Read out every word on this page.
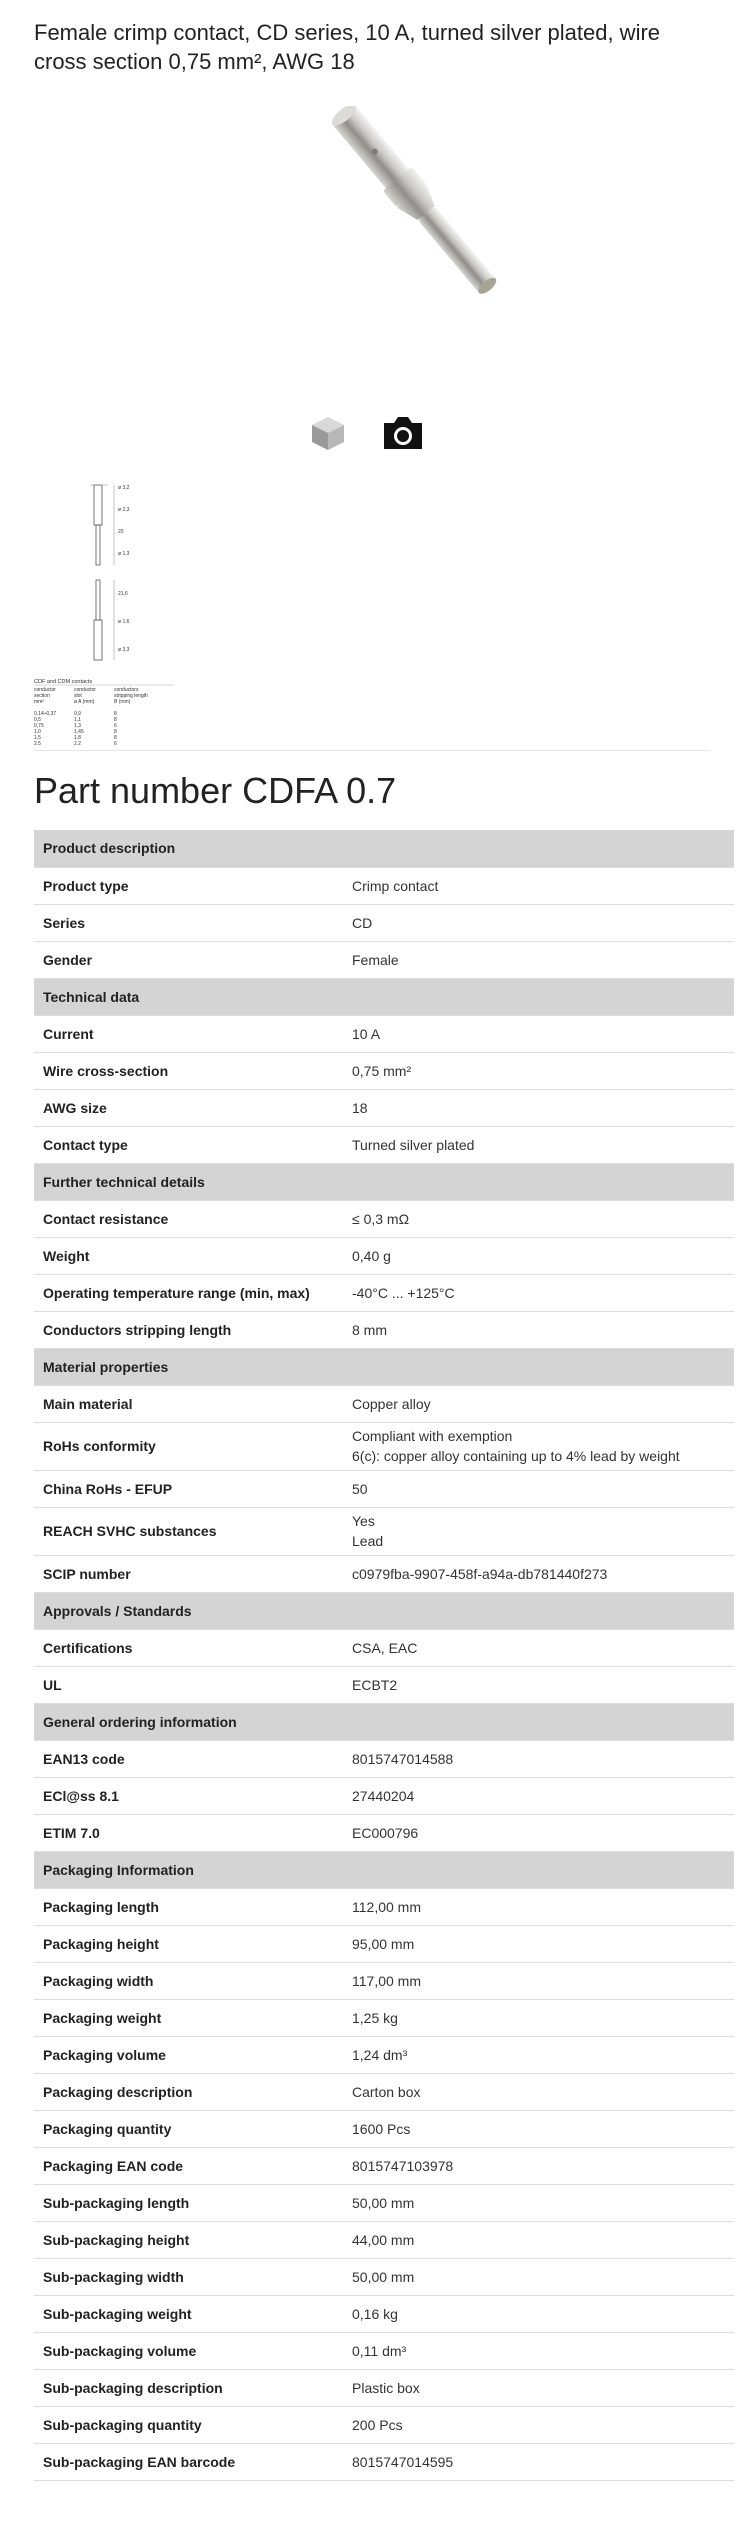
Female crimp contact, CD series, 10 A, turned silver plated, wire cross section 0,75 mm², AWG 18
ø 3,2
ø 2,3
20
ø 1,3
21,6
ø 1,6
ø 3,3
CDF and CDM contacts
conductor
section
mm²
conductor
slot
ø A (mm)
conductors
stripping length
B (mm)
0,14÷0,37	0,9	8
0,5	1,1	8
0,75	1,3	6
1,0	1,45	8
1,5	1,8	8
2,5	2,2	6
Part number CDFA 0.7
Product description	
Product type	Crimp contact

Series	CD

Gender	Female

Technical data	
Current	10 A

Wire cross-section	0,75 mm²

AWG size	18

Contact type	Turned silver plated

Further technical details	
Contact resistance	≤ 0,3 mΩ

Weight	0,40 g

Operating temperature range (min, max)	-40°C ... +125°C

Conductors stripping length	8 mm

Material properties	
Main material	Copper alloy

RoHs conformity	Compliant with exemption
6(c): copper alloy containing up to 4% lead by weight

China RoHs - EFUP	50

REACH SVHC substances	Yes
Lead

SCIP number	c0979fba-9907-458f-a94a-db781440f273

Approvals / Standards	
Certifications	CSA, EAC

UL	ECBT2

General ordering information	
EAN13 code	8015747014588

ECl@ss 8.1	27440204

ETIM 7.0	EC000796

Packaging Information	
Packaging length	112,00 mm

Packaging height	95,00 mm

Packaging width	117,00 mm

Packaging weight	1,25 kg

Packaging volume	1,24 dm³

Packaging description	Carton box

Packaging quantity	1600 Pcs

Packaging EAN code	8015747103978

Sub-packaging length	50,00 mm

Sub-packaging height	44,00 mm

Sub-packaging width	50,00 mm

Sub-packaging weight	0,16 kg

Sub-packaging volume	0,11 dm³

Sub-packaging description	Plastic box

Sub-packaging quantity	200 Pcs

Sub-packaging EAN barcode	8015747014595
